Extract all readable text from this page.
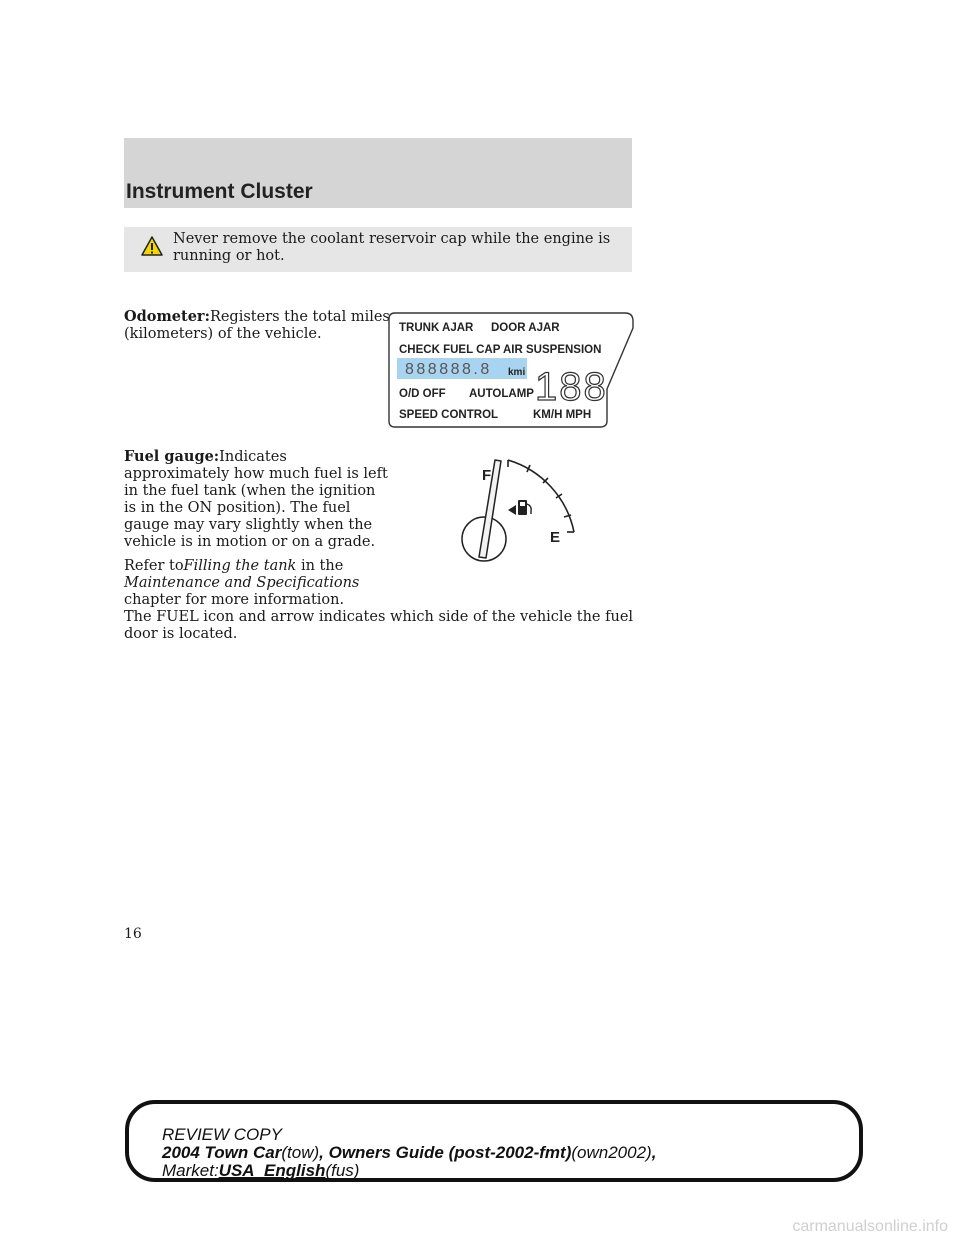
Instrument Cluster
Never remove the coolant reservoir cap while the engine is running or hot.
Odometer:Registers the total miles
(kilometers) of the vehicle.	TRUNK AJAR DOOR AJAR
CHECK FUEL CAP AIR SUSPENSION
888888.8 kmi 188
O/D OFF AUTOLAMP
SPEED CONTROL	KM/H MPH
Fuel gauge:Indicates
approximately how much fuel is left
in the fuel tank (when the ignition
is in the ON position). The fuel
gauge may vary slightly when the
vehicle is in motion or on a grade.
F
E
Refer toFilling the tank in the
Maintenance and Specifications
chapter for more information.
The FUEL icon and arrow indicates which side of the vehicle the fuel
door is located.
16
REVIEW COPY
2004 Town Car(tow), Owners Guide (post-2002-fmt)(own2002),
Market:USA_English(fus)
carmanualsonline.info
